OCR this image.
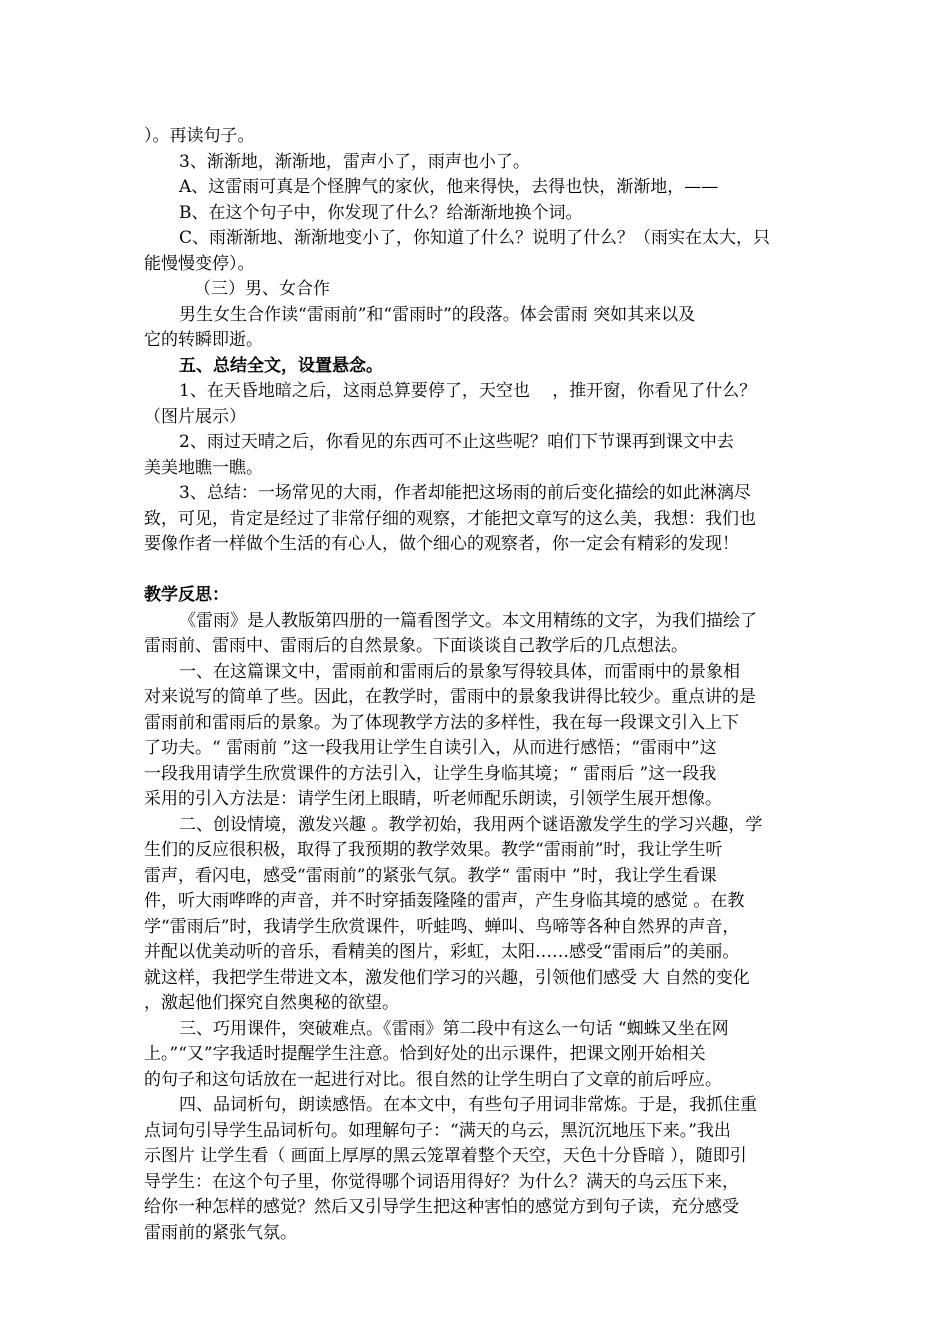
）。再读句子。
3、渐渐地，渐渐地，雷声小了，雨声也小了。
A、这雷雨可真是个怪脾气的家伙，他来得快，去得也快，渐渐地，——
B、在这个句子中，你发现了什么？给渐渐地换个词。
C、雨渐渐地、渐渐地变小了，你知道了什么？说明了什么？（雨实在太大，只
能慢慢变停）。
（三）男、女合作
男生女生合作读“雷雨前”和“雷雨时”的段落。体会雷雨 突如其来以及
它的转瞬即逝。
五、总结全文，设置悬念。
1、在天昏地暗之后，这雨总算要停了，天空也 　，推开窗，你看见了什么？
（图片展示）
2、雨过天晴之后，你看见的东西可不止这些呢？咱们下节课再到课文中去
美美地瞧一瞧。
3、总结：一场常见的大雨，作者却能把这场雨的前后变化描绘的如此淋漓尽
致，可见，肯定是经过了非常仔细的观察，才能把文章写的这么美，我想：我们也
要像作者一样做个生活的有心人，做个细心的观察者，你一定会有精彩的发现！
教学反思：
《雷雨》是人教版第四册的一篇看图学文。本文用精练的文字，为我们描绘了
雷雨前、雷雨中、雷雨后的自然景象。下面谈谈自己教学后的几点想法。
一、在这篇课文中，雷雨前和雷雨后的景象写得较具体，而雷雨中的景象相
对来说写的简单了些。因此，在教学时，雷雨中的景象我讲得比较少。重点讲的是
雷雨前和雷雨后的景象。为了体现教学方法的多样性，我在每一段课文引入上下
了功夫。“ 雷雨前 ”这一段我用让学生自读引入，从而进行感悟；“雷雨中”这
一段我用请学生欣赏课件的方法引入，让学生身临其境；“ 雷雨后 ”这一段我
采用的引入方法是：请学生闭上眼睛，听老师配乐朗读，引领学生展开想像。
二、创设情境，激发兴趣 。教学初始，我用两个谜语激发学生的学习兴趣，学
生们的反应很积极，取得了我预期的教学效果。教学“雷雨前”时，我让学生听
雷声，看闪电，感受“雷雨前”的紧张气氛。教学“ 雷雨中 ”时，我让学生看课
件，听大雨哗哗的声音，并不时穿插轰隆隆的雷声，产生身临其境的感觉 。在教
学“雷雨后”时，我请学生欣赏课件，听蛙鸣、蝉叫、鸟啼等各种自然界的声音，
并配以优美动听的音乐，看精美的图片，彩虹，太阳……感受“雷雨后”的美丽。
就这样，我把学生带进文本，激发他们学习的兴趣，引领他们感受 大 自然的变化
，激起他们探究自然奥秘的欲望。
三、巧用课件，突破难点。《雷雨》第二段中有这么一句话 “蜘蛛又坐在网
上。”“又”字我适时提醒学生注意。恰到好处的出示课件，把课文刚开始相关
的句子和这句话放在一起进行对比。很自然的让学生明白了文章的前后呼应。
四、品词析句，朗读感悟。在本文中，有些句子用词非常炼。于是，我抓住重
点词句引导学生品词析句。如理解句子：“满天的乌云，黑沉沉地压下来。”我出
示图片 让学生看（ 画面上厚厚的黑云笼罩着整个天空，天色十分昏暗 ），随即引
导学生：在这个句子里，你觉得哪个词语用得好？为什么？满天的乌云压下来，
给你一种怎样的感觉？然后又引导学生把这种害怕的感觉方到句子读，充分感受
雷雨前的紧张气氛。
